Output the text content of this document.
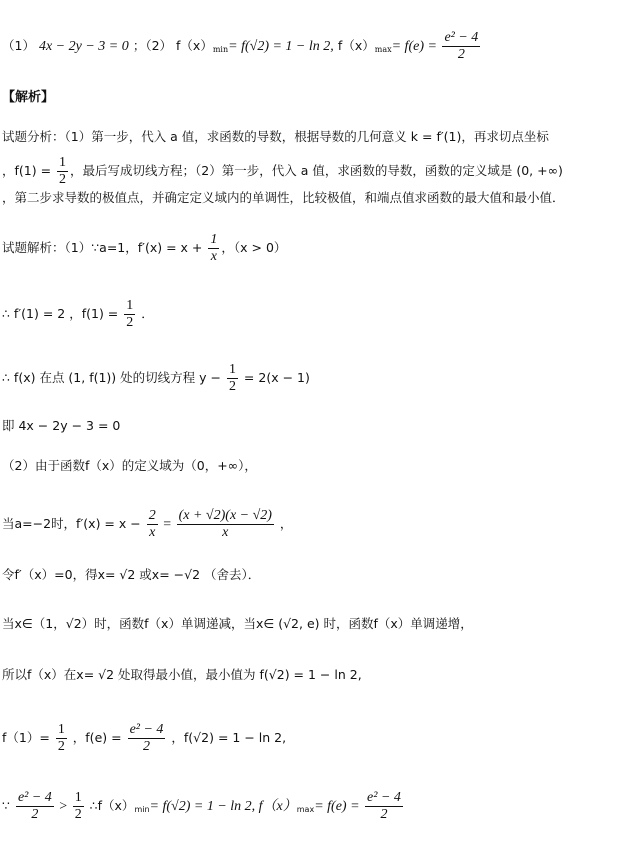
（1） 4x − 2y − 3 = 0 ；（2） $f(x)_{min}= f(√2) = 1 - \ln 2$, $f(x)_{max}= f(e) = \frac{\text{e² − 4}}{2}$
【解析】
试题分析：（1）第一步，代入 a 值，求函数的导数，根据导数的几何意义 k = f′(1)，再求切点坐标
，$f(1) = \frac{1}{2}$ ，最后写成切线方程；（2）第一步，代入 a 值，求函数的导数，函数的定义域是 (0, +∞)
，第二步求导数的极值点，并确定定义域内的单调性，比较极值，和端点值求函数的最大值和最小值．
试题解析：（1）∵a=1，$f'(x) = x + \frac{1}{x}$ ，（x > 0）
∴ f′(1) = 2 ，$f(1) = \frac{1}{2}$ ．
∴ f(x) 在点 (1, f(1)) 处的切线方程 $y - \frac{1}{2} = 2(x - 1)$
即 4x − 2y − 3 = 0
（2）由于函数f（x）的定义域为（0，+∞），
当a=−2时，$f'(x) = x - \frac{2}{x} = \frac{(x + √2)(x - √2)}{x}$ ，
令f′（x）=0，得x= √2 或x= −√2 （舍去）．
当x∈（1，√2）时，函数f（x）单调递减，当x∈ (√2, e) 时，函数f（x）单调递增，
所以f（x）在x= √2 处取得最小值，最小值为 f(√2) = 1 − ln 2,
$f(1)= \frac{1}{2}$ ，$f(e) = \frac{\text{e² − 4}}{2}$ ，f(√2) = 1 − ln 2,
∵ $\frac{\text{e² − 4}}{2} > \frac{1}{2}$ $\therefore f(x)_{min}= f(√2) = 1 - \ln 2$, $f(x)_{max}= f(e) = \frac{\text{e² − 4}}{2}$
